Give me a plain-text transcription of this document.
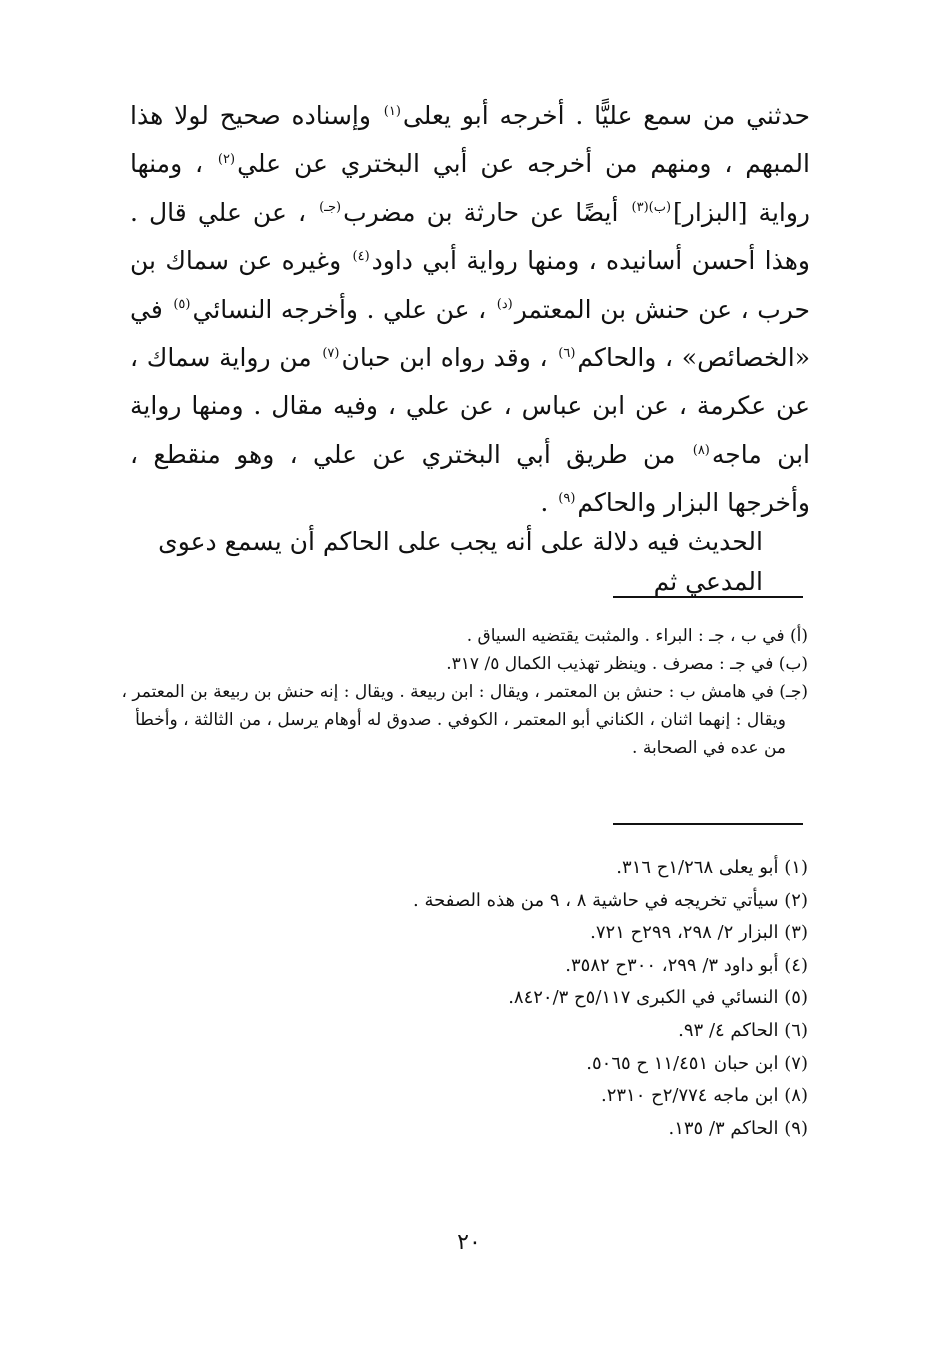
حدثني من سمع عليًّا . أخرجه أبو يعلى$^{(١)}$ وإسناده صحيح لولا هذا المبهم ، ومنهم من أخرجه عن أبي البختري عن علي$^{(٢)}$ ، ومنها رواية [البزار]$^{(ب)(٣)}$ أيضًا عن حارثة بن مضرب$^{(جـ)}$ ، عن علي قال . وهذا أحسن أسانيده ، ومنها رواية أبي داود$^{(٤)}$ وغيره عن سماك بن حرب ، عن حنش بن المعتمر$^{(د)}$ ، عن علي . وأخرجه النسائي$^{(٥)}$ في «الخصائص» ، والحاكم$^{(٦)}$ ، وقد رواه ابن حبان$^{(٧)}$ من رواية سماك ، عن عكرمة ، عن ابن عباس ، عن علي ، وفيه مقال . ومنها رواية ابن ماجه$^{(٨)}$ من طريق أبي البختري عن علي ، وهو منقطع ، وأخرجها البزار والحاكم$^{(٩)}$ .
الحديث فيه دلالة على أنه يجب على الحاكم أن يسمع دعوى المدعي ثم
(أ) في ب ، جـ : البراء . والمثبت يقتضيه السياق .
(ب) في جـ : مصرف . وينظر تهذيب الكمال ٥/ ٣١٧.
(جـ) في هامش ب : حنش بن المعتمر ، ويقال : ابن ربيعة . ويقال : إنه حنش بن ربيعة بن المعتمر ،
ويقال : إنهما اثنان ، الكناني أبو المعتمر ، الكوفي . صدوق له أوهام يرسل ، من الثالثة ، وأخطأ
من عده في الصحابة .
(١) أبو يعلى ١/٢٦٨ح ٣١٦.
(٢) سيأتي تخريجه في حاشية ٨ ، ٩ من هذه الصفحة .
(٣) البزار ٢/ ٢٩٨، ٢٩٩ح ٧٢١.
(٤) أبو داود ٣/ ٢٩٩، ٣٠٠ح ٣٥٨٢.
(٥) النسائي في الكبرى ٥/١١٧ح ٨٤٢٠/٣.
(٦) الحاكم ٤/ ٩٣.
(٧) ابن حبان ١١/٤٥١ ح ٥٠٦٥.
(٨) ابن ماجه ٢/٧٧٤ح ٢٣١٠.
(٩) الحاكم ٣/ ١٣٥.
٢٠
